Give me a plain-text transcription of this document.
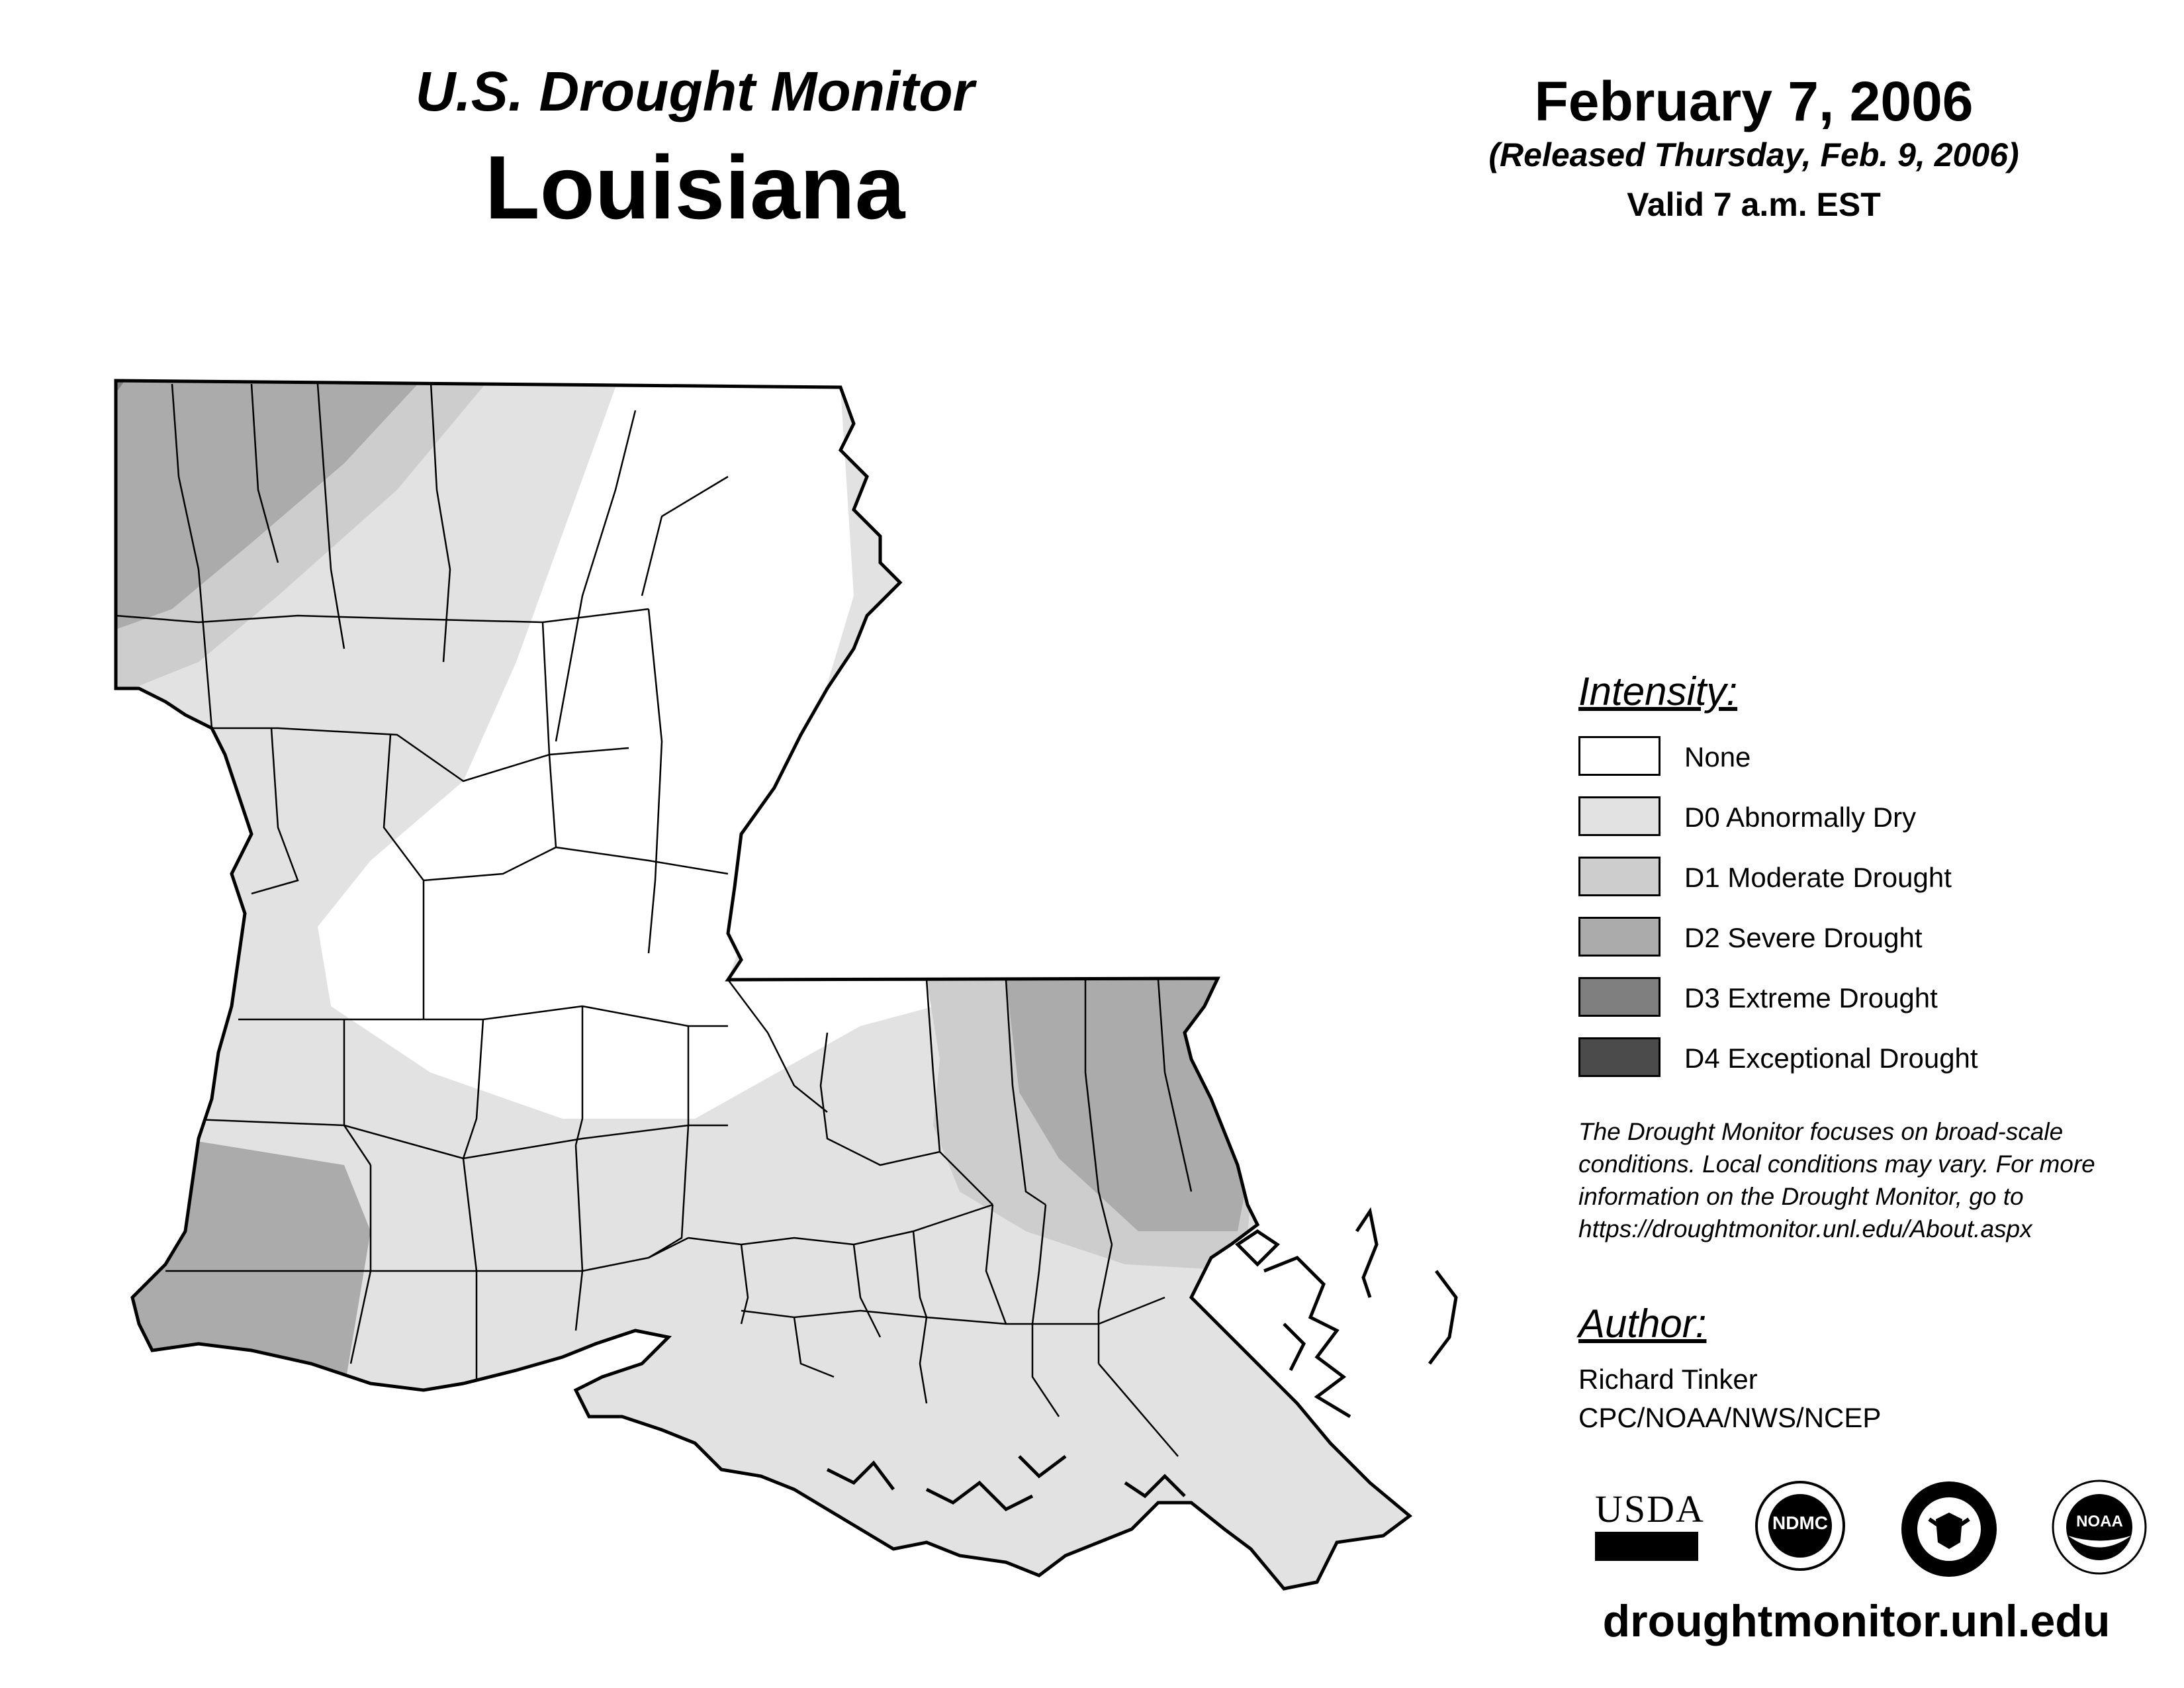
U.S. Drought Monitor
Louisiana
February 7, 2006
(Released Thursday, Feb. 9, 2006)
Valid 7 a.m. EST
Intensity:
None
D0 Abnormally Dry
D1 Moderate Drought
D2 Severe Drought
D3 Extreme Drought
D4 Exceptional Drought
The Drought Monitor focuses on broad-scale conditions. Local conditions may vary. For more information on the Drought Monitor, go to https://droughtmonitor.unl.edu/About.aspx
Author:
Richard Tinker
CPC/NOAA/NWS/NCEP
USDA	NDMC	NOAA
droughtmonitor.unl.edu
